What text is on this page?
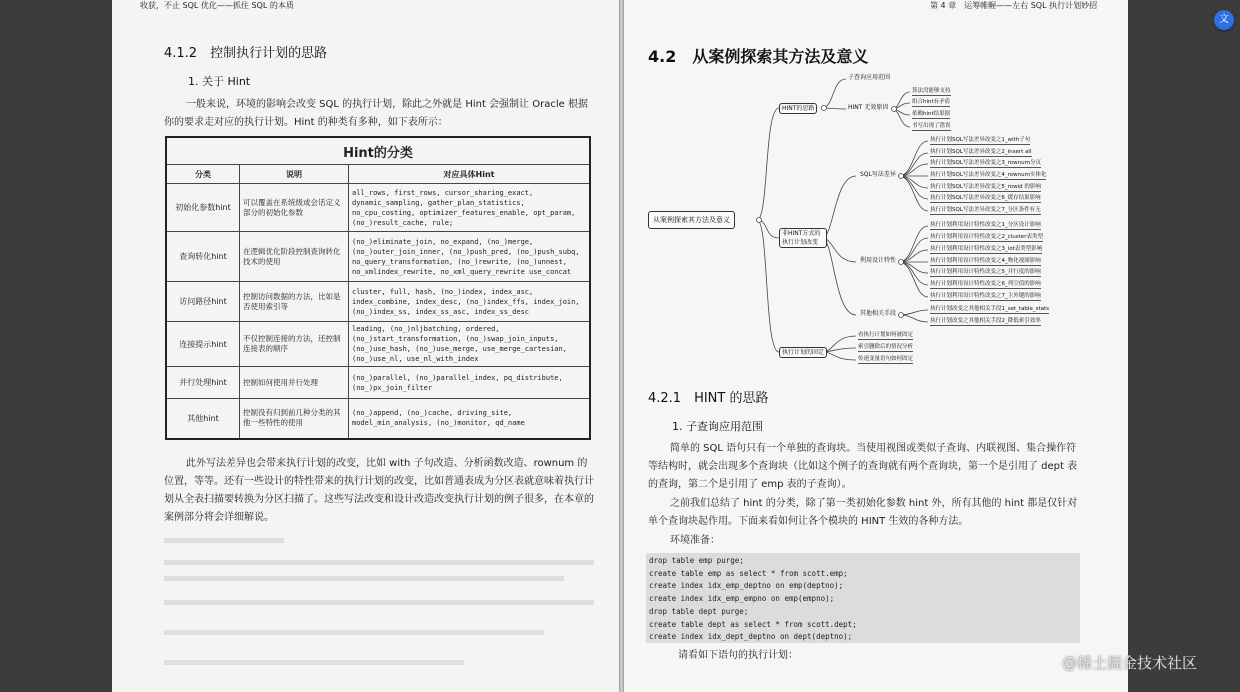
收获，不止 SQL 优化——抓住 SQL 的本质
4.1.2　控制执行计划的思路
1. 关于 Hint
一般来说，环境的影响会改变 SQL 的执行计划，除此之外就是 Hint 会强制让 Oracle 根据你的要求走对应的执行计划。Hint 的种类有多种，如下表所示：
Hint的分类		
分类	说明	对应具体Hint
初始化参数hint	可以覆盖在系统级或会话定义部分的初始化参数	all_rows, first_rows, cursor_sharing_exact, dynamic_sampling, gather_plan_statistics, no_cpu_costing, optimizer_features_enable, opt_param, (no_)result_cache, rule;
查询转化hint	在逻辑优化阶段控制查询转化技术的使用	(no_)eliminate_join, no_expand, (no_)merge, (no_)outer_join_inner, (no_)push_pred, (no_)push_subq, no_query_transformation, (no_)rewrite, (no_)unnest, no_xmlindex_rewrite, no_xml_query_rewrite use_concat
访问路径hint	控制访问数据的方法，比如是否使用索引等	cluster, full, hash, (no_)index, index_asc, index_combine, index_desc, (no_)index_ffs, index_join, (no_)index_ss, index_ss_asc, index_ss_desc
连接提示hint	不仅控制连接的方法，还控制连接表的顺序	leading, (no_)nljbatching, ordered, (no_)start_transformation, (no_)swap_join_inputs, (no_)use_hash, (no_)use_merge, use_merge_cartesian, (no_)use_nl, use_nl_with_index
并行处理hint	控制如何使用并行处理	(no_)parallel, (no_)parallel_index, pq_distribute, (no_)px_join_filter
其他hint	控制没有归到前几种分类的其他一些特性的使用	(no_)append, (no_)cache, driving_site, model_min_analysis, (no_)monitor, qd_name
此外写法差异也会带来执行计划的改变，比如 with 子句改造、分析函数改造、rownum 的位置，等等。还有一些设计的特性带来的执行计划的改变，比如普通表成为分区表就意味着执行计划从全表扫描要转换为分区扫描了。这些写法改变和设计改造改变执行计划的例子很多，在本章的案例部分将会详细解说。
第 4 章　运筹帷幄——左右 SQL 执行计划妙招
4.2　从案例探索其方法及意义
从案例探索其方法及意义
HINT的思路
子查询应用范围
HINT 无效原因
算法没能够支持
组合hint有矛盾
依赖hint结果据
书写出现了错误
非HINT方式的执行计划改变
SQL写法差异
执行计划SQL写法差异改变之1_with子句
执行计划SQL写法差异改变之2_insert all
执行计划SQL写法差异改变之3_rownum分页
执行计划SQL写法差异改变之4_rownum实体化
执行计划SQL写法差异改变之5_rowid 的影响
执行计划SQL写法差异改变之6_缓存结果影响
执行计划SQL写法差异改变之7_分区条件有无
利用设计特性
执行计划利用设计特性改变之1_分区设计影响
执行计划利用设计特性改变之2_cluster表类型
执行计划利用设计特性改变之3_iot表类型影响
执行计划利用设计特性改变之4_物化视图影响
执行计划利用设计特性改变之5_并行度的影响
执行计划利用设计特性改变之6_列空值的影响
执行计划利用设计特性改变之7_主外键的影响
其他相关手段
执行计划改变之其他相关手段1_set_table_stats
执行计划改变之其他相关手段2_降低索引效率
执行计划的固定
看执行计划如何被固定
索引删除后的情况分析
传递变量语句如何固定
4.2.1　HINT 的思路
1. 子查询应用范围
简单的 SQL 语句只有一个单独的查询块。当使用视图或类似子查询、内联视图、集合操作符等结构时，就会出现多个查询块（比如这个例子的查询就有两个查询块，第一个是引用了 dept 表的查询，第二个是引用了 emp 表的子查询）。
之前我们总结了 hint 的分类，除了第一类初始化参数 hint 外，所有其他的 hint 都是仅针对单个查询块起作用。下面来看如何让各个模块的 HINT 生效的各种方法。
环境准备：
请看如下语句的执行计划：
drop table emp purge;
create table emp as select * from scott.emp;
create index idx_emp_deptno on emp(deptno);
create index idx_emp_empno on emp(empno);
drop table dept purge;
create table dept as select * from scott.dept;
create index idx_dept_deptno on dept(deptno);
文
@稀土掘金技术社区
